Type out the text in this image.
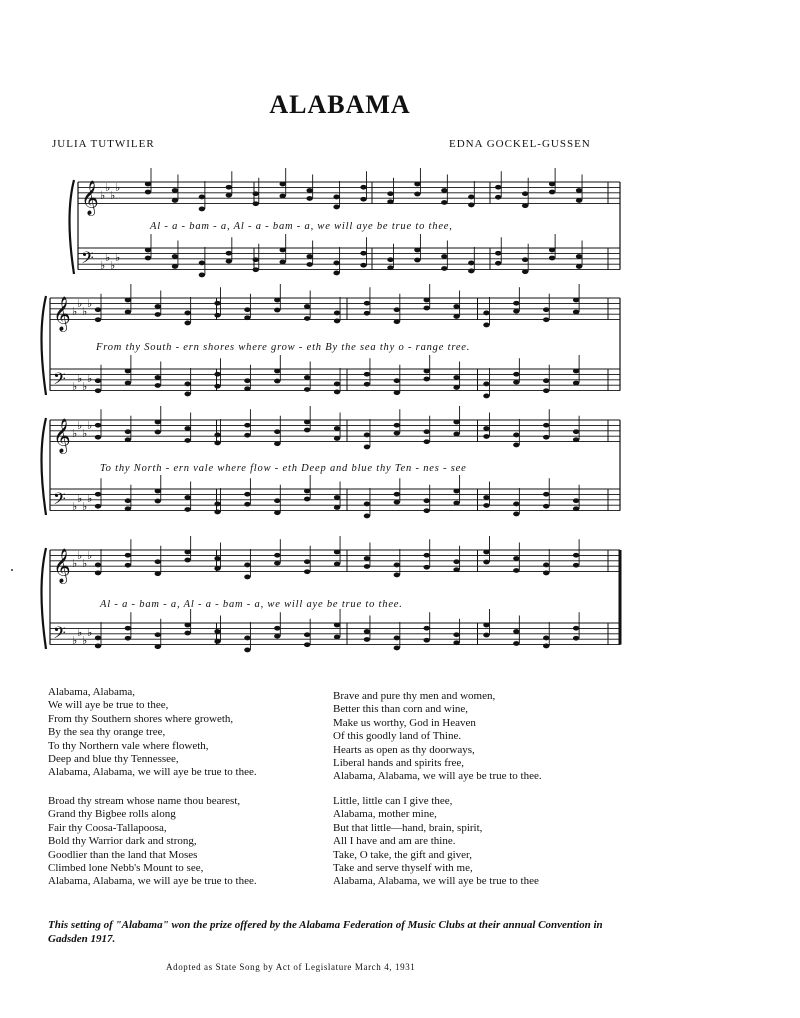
ALABAMA
JULIA TUTWILER	EDNA GOCKEL-GUSSEN
𝄞 ♭
♭
♭
♭
𝄢 ♭
♭
♭
♭
𝄞 ♭
♭
♭
♭
𝄢 ♭
♭
♭
♭
𝄞 ♭
♭
♭
♭
𝄢 ♭
♭
♭
♭
𝄞 ♭
♭
♭
♭
𝄢 ♭
♭
♭
♭
Al - a - bam - a, Al - a - bam - a, we will aye be true to thee,
From thy South - ern shores where grow - eth By the sea thy o - range tree.
To thy North - ern vale where flow - eth Deep and blue thy Ten - nes - see
Al - a - bam - a, Al - a - bam - a, we will aye be true to thee.
Alabama, Alabama,
We will aye be true to thee,
From thy Southern shores where groweth,
By the sea thy orange tree,
To thy Northern vale where floweth,
Deep and blue thy Tennessee,
Alabama, Alabama, we will aye be true to thee.
Brave and pure thy men and women,
Better this than corn and wine,
Make us worthy, God in Heaven
Of this goodly land of Thine.
Hearts as open as thy doorways,
Liberal hands and spirits free,
Alabama, Alabama, we will aye be true to thee.
Broad thy stream whose name thou bearest,
Grand thy Bigbee rolls along
Fair thy Coosa-Tallapoosa,
Bold thy Warrior dark and strong,
Goodlier than the land that Moses
Climbed lone Nebb's Mount to see,
Alabama, Alabama, we will aye be true to thee.
Little, little can I give thee,
Alabama, mother mine,
But that little—hand, brain, spirit,
All I have and am are thine.
Take, O take, the gift and giver,
Take and serve thyself with me,
Alabama, Alabama, we will aye be true to thee
This setting of "Alabama" won the prize offered by the Alabama Federation of Music Clubs at their annual Convention in Gadsden 1917.
Adopted as State Song by Act of Legislature March 4, 1931
